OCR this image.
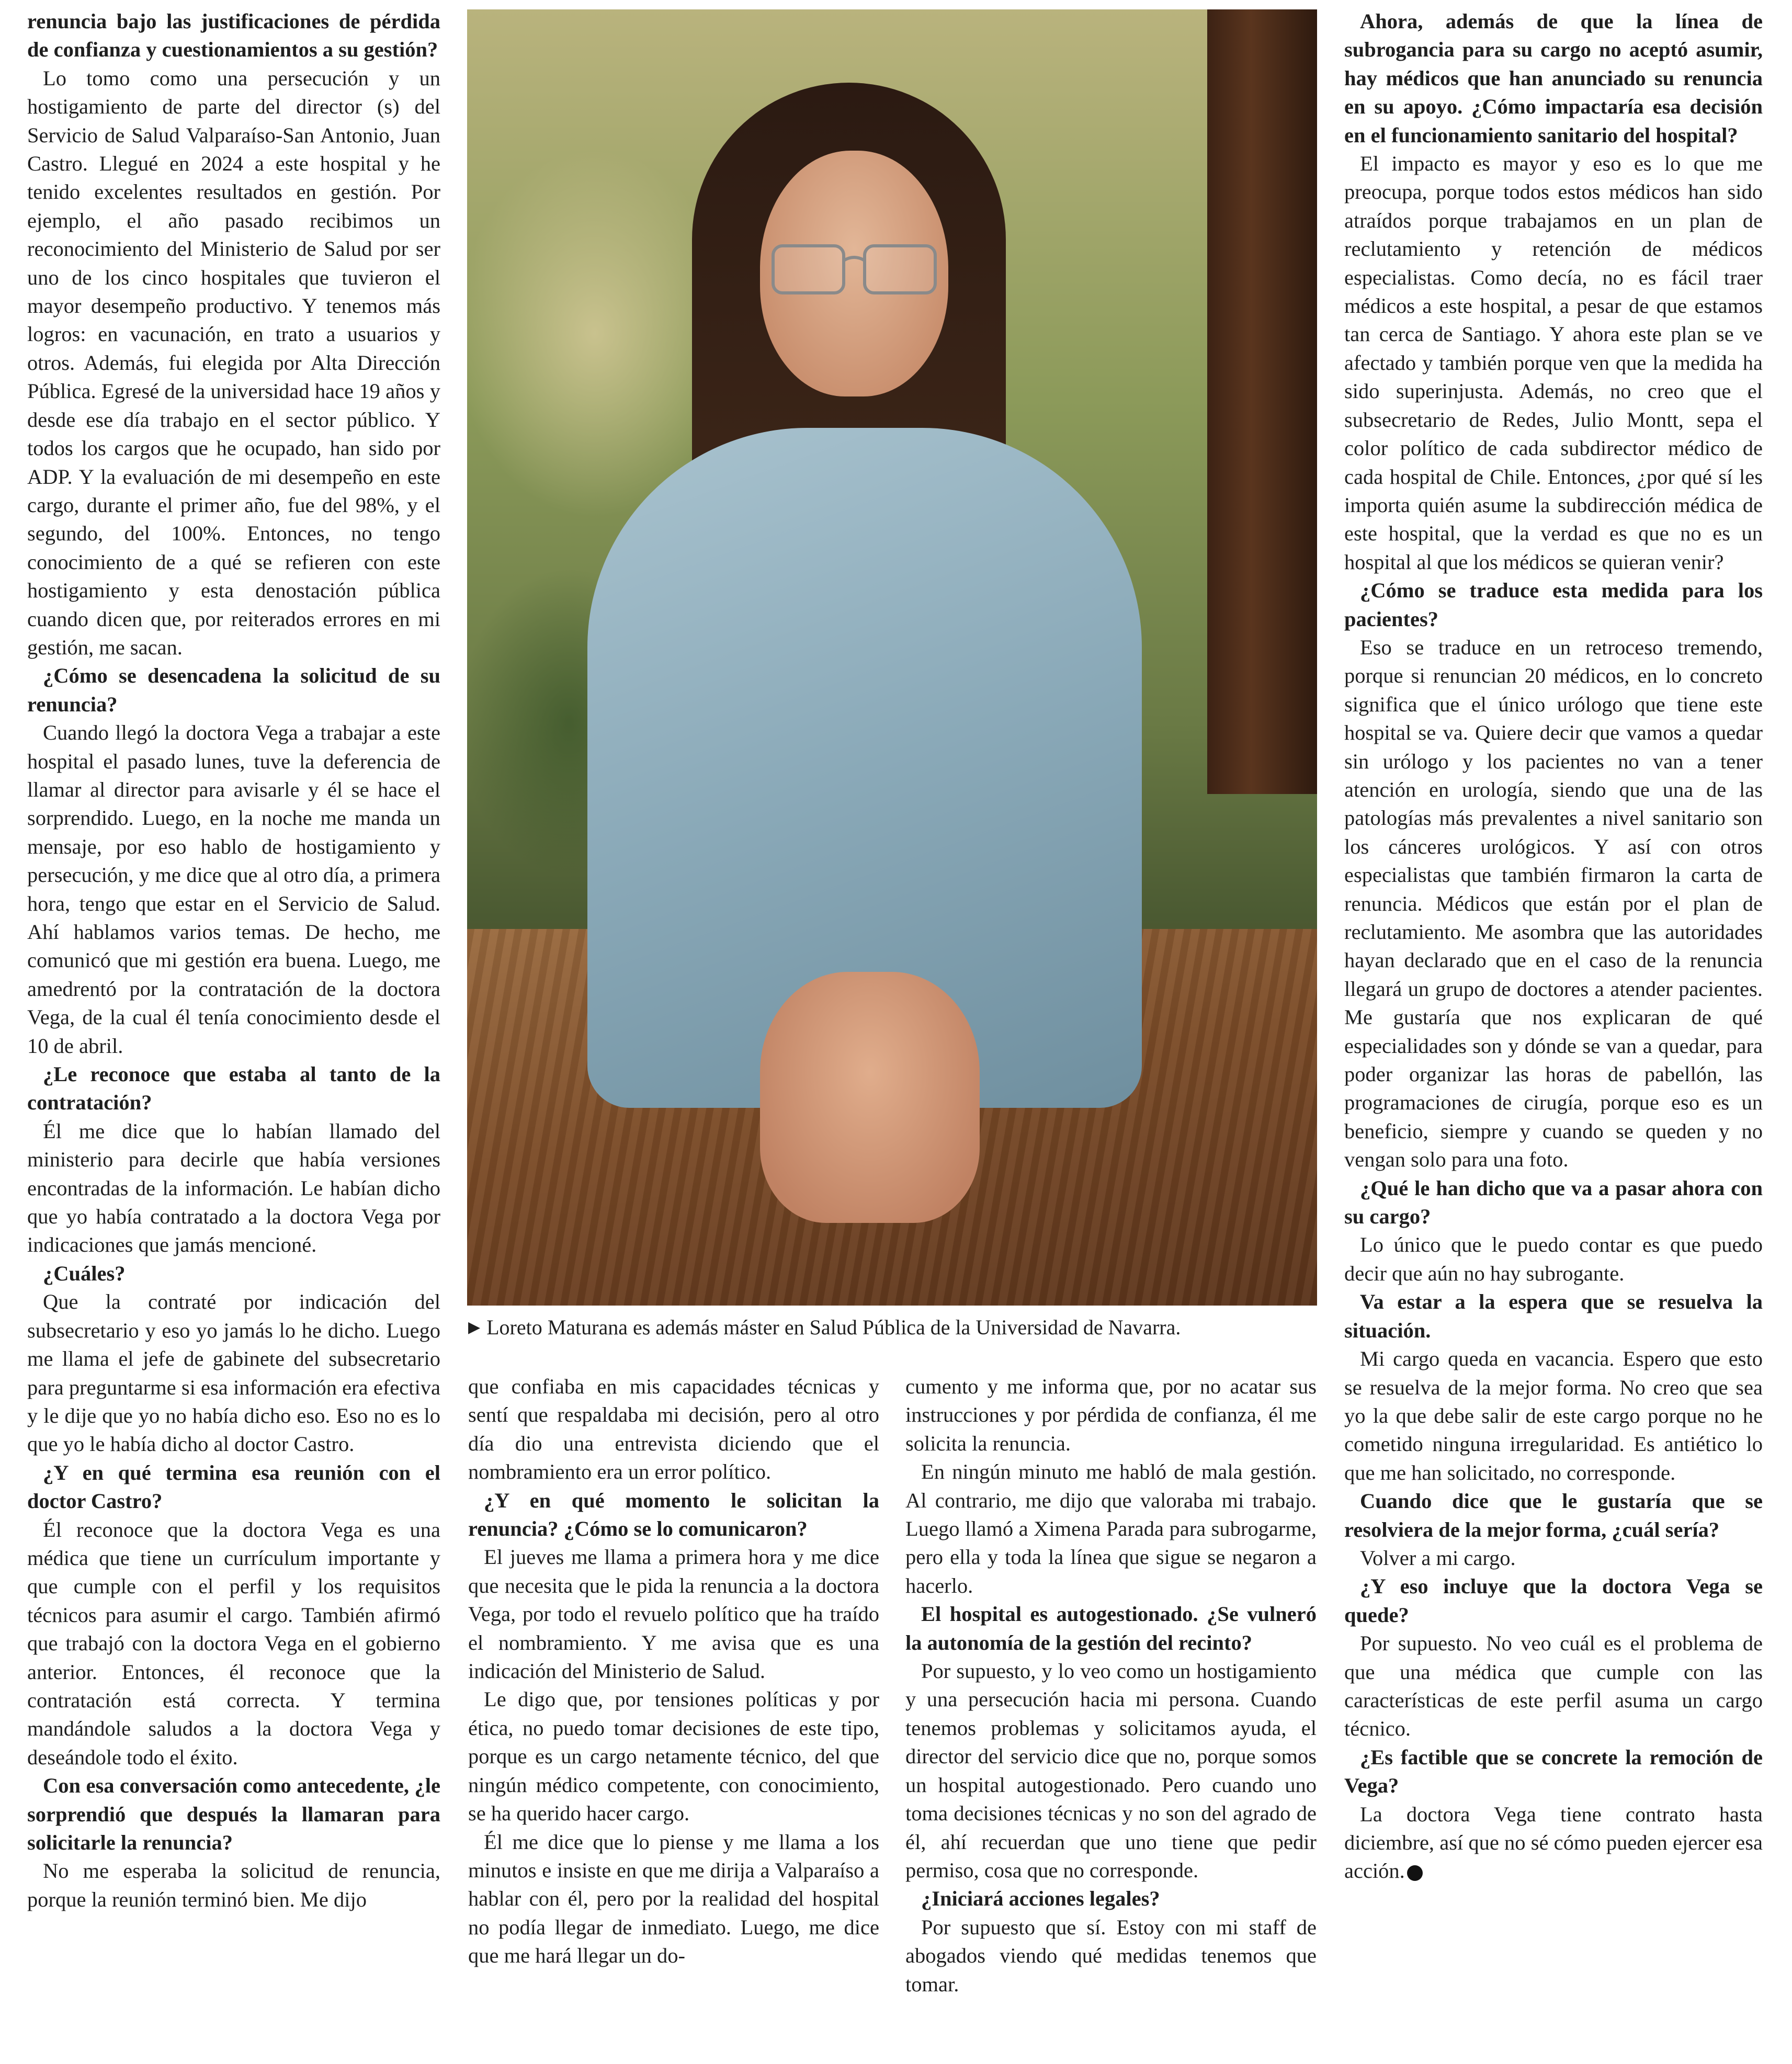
renuncia bajo las justificaciones de pérdida de confianza y cuestionamientos a su gestión?

Lo tomo como una persecución y un hostigamiento de parte del director (s) del Servicio de Salud Valparaíso-San Antonio, Juan Castro. Llegué en 2024 a este hospital y he tenido excelentes resultados en gestión. Por ejemplo, el año pasado recibimos un reconocimiento del Ministerio de Salud por ser uno de los cinco hospitales que tuvieron el mayor desempeño productivo. Y tenemos más logros: en vacunación, en trato a usuarios y otros. Además, fui elegida por Alta Dirección Pública. Egresé de la universidad hace 19 años y desde ese día trabajo en el sector público. Y todos los cargos que he ocupado, han sido por ADP. Y la evaluación de mi desempeño en este cargo, durante el primer año, fue del 98%, y el segundo, del 100%. Entonces, no tengo conocimiento de a qué se refieren con este hostigamiento y esta denostación pública cuando dicen que, por reiterados errores en mi gestión, me sacan.

¿Cómo se desencadena la solicitud de su renuncia?

Cuando llegó la doctora Vega a trabajar a este hospital el pasado lunes, tuve la deferencia de llamar al director para avisarle y él se hace el sorprendido. Luego, en la noche me manda un mensaje, por eso hablo de hostigamiento y persecución, y me dice que al otro día, a primera hora, tengo que estar en el Servicio de Salud. Ahí hablamos varios temas. De hecho, me comunicó que mi gestión era buena. Luego, me amedrentó por la contratación de la doctora Vega, de la cual él tenía conocimiento desde el 10 de abril.

¿Le reconoce que estaba al tanto de la contratación?

Él me dice que lo habían llamado del ministerio para decirle que había versiones encontradas de la información. Le habían dicho que yo había contratado a la doctora Vega por indicaciones que jamás mencioné.

¿Cuáles?

Que la contraté por indicación del subsecretario y eso yo jamás lo he dicho. Luego me llama el jefe de gabinete del subsecretario para preguntarme si esa información era efectiva y le dije que yo no había dicho eso. Eso no es lo que yo le había dicho al doctor Castro.

¿Y en qué termina esa reunión con el doctor Castro?

Él reconoce que la doctora Vega es una médica que tiene un currículum importante y que cumple con el perfil y los requisitos técnicos para asumir el cargo. También afirmó que trabajó con la doctora Vega en el gobierno anterior. Entonces, él reconoce que la contratación está correcta. Y termina mandándole saludos a la doctora Vega y deseándole todo el éxito.

Con esa conversación como antecedente, ¿le sorprendió que después la llamaran para solicitarle la renuncia?

No me esperaba la solicitud de renuncia, porque la reunión terminó bien. Me dijo

▶ Loreto Maturana es además máster en Salud Pública de la Universidad de Navarra.

que confiaba en mis capacidades técnicas y sentí que respaldaba mi decisión, pero al otro día dio una entrevista diciendo que el nombramiento era un error político.

¿Y en qué momento le solicitan la renuncia? ¿Cómo se lo comunicaron?

El jueves me llama a primera hora y me dice que necesita que le pida la renuncia a la doctora Vega, por todo el revuelo político que ha traído el nombramiento. Y me avisa que es una indicación del Ministerio de Salud.

Le digo que, por tensiones políticas y por ética, no puedo tomar decisiones de este tipo, porque es un cargo netamente técnico, del que ningún médico competente, con conocimiento, se ha querido hacer cargo.

Él me dice que lo piense y me llama a los minutos e insiste en que me dirija a Valparaíso a hablar con él, pero por la realidad del hospital no podía llegar de inmediato. Luego, me dice que me hará llegar un do-

cumento y me informa que, por no acatar sus instrucciones y por pérdida de confianza, él me solicita la renuncia.

En ningún minuto me habló de mala gestión. Al contrario, me dijo que valoraba mi trabajo. Luego llamó a Ximena Parada para subrogarme, pero ella y toda la línea que sigue se negaron a hacerlo.

El hospital es autogestionado. ¿Se vulneró la autonomía de la gestión del recinto?

Por supuesto, y lo veo como un hostigamiento y una persecución hacia mi persona. Cuando tenemos problemas y solicitamos ayuda, el director del servicio dice que no, porque somos un hospital autogestionado. Pero cuando uno toma decisiones técnicas y no son del agrado de él, ahí recuerdan que uno tiene que pedir permiso, cosa que no corresponde.

¿Iniciará acciones legales?

Por supuesto que sí. Estoy con mi staff de abogados viendo qué medidas tenemos que tomar.

Ahora, además de que la línea de subrogancia para su cargo no aceptó asumir, hay médicos que han anunciado su renuncia en su apoyo. ¿Cómo impactaría esa decisión en el funcionamiento sanitario del hospital?

El impacto es mayor y eso es lo que me preocupa, porque todos estos médicos han sido atraídos porque trabajamos en un plan de reclutamiento y retención de médicos especialistas. Como decía, no es fácil traer médicos a este hospital, a pesar de que estamos tan cerca de Santiago. Y ahora este plan se ve afectado y también porque ven que la medida ha sido superinjusta. Además, no creo que el subsecretario de Redes, Julio Montt, sepa el color político de cada subdirector médico de cada hospital de Chile. Entonces, ¿por qué sí les importa quién asume la subdirección médica de este hospital, que la verdad es que no es un hospital al que los médicos se quieran venir?

¿Cómo se traduce esta medida para los pacientes?

Eso se traduce en un retroceso tremendo, porque si renuncian 20 médicos, en lo concreto significa que el único urólogo que tiene este hospital se va. Quiere decir que vamos a quedar sin urólogo y los pacientes no van a tener atención en urología, siendo que una de las patologías más prevalentes a nivel sanitario son los cánceres urológicos. Y así con otros especialistas que también firmaron la carta de renuncia. Médicos que están por el plan de reclutamiento. Me asombra que las autoridades hayan declarado que en el caso de la renuncia llegará un grupo de doctores a atender pacientes. Me gustaría que nos explicaran de qué especialidades son y dónde se van a quedar, para poder organizar las horas de pabellón, las programaciones de cirugía, porque eso es un beneficio, siempre y cuando se queden y no vengan solo para una foto.

¿Qué le han dicho que va a pasar ahora con su cargo?

Lo único que le puedo contar es que puedo decir que aún no hay subrogante.

Va estar a la espera que se resuelva la situación.

Mi cargo queda en vacancia. Espero que esto se resuelva de la mejor forma. No creo que sea yo la que debe salir de este cargo porque no he cometido ninguna irregularidad. Es antiético lo que me han solicitado, no corresponde.

Cuando dice que le gustaría que se resolviera de la mejor forma, ¿cuál sería?

Volver a mi cargo.

¿Y eso incluye que la doctora Vega se quede?

Por supuesto. No veo cuál es el problema de que una médica que cumple con las características de este perfil asuma un cargo técnico.

¿Es factible que se concrete la remoción de Vega?

La doctora Vega tiene contrato hasta diciembre, así que no sé cómo pueden ejercer esa acción.
